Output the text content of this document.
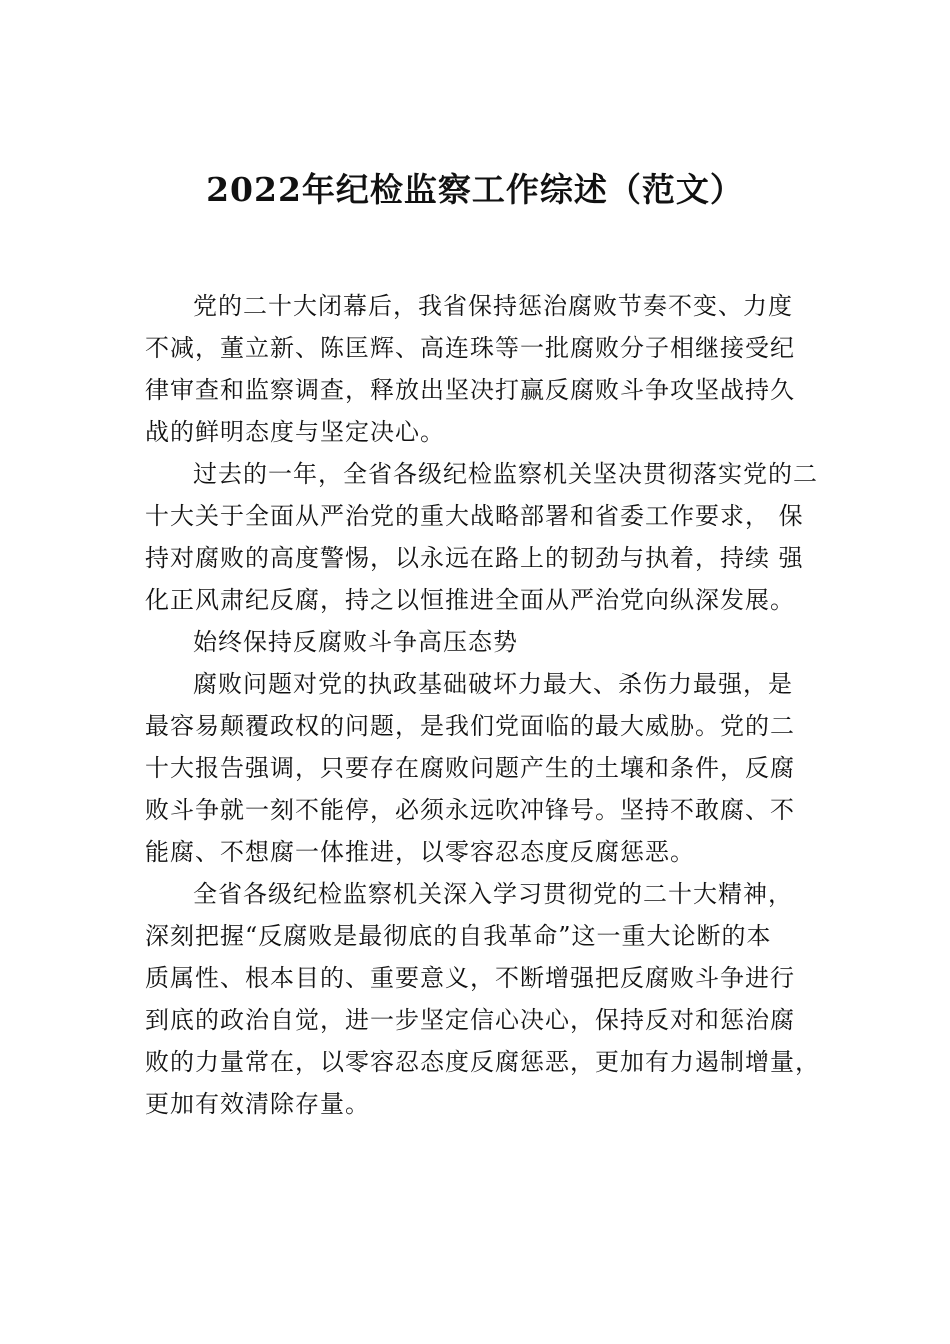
2022年纪检监察工作综述（范文）

党的二十大闭幕后，我省保持惩治腐败节奏不变、力度
不减，董立新、陈匡辉、高连珠等一批腐败分子相继接受纪
律审查和监察调查，释放出坚决打赢反腐败斗争攻坚战持久
战的鲜明态度与坚定决心。

过去的一年，全省各级纪检监察机关坚决贯彻落实党的二
十大关于全面从严治党的重大战略部署和省委工作要求， 保
持对腐败的高度警惕，以永远在路上的韧劲与执着，持续 强
化正风肃纪反腐，持之以恒推进全面从严治党向纵深发展。

始终保持反腐败斗争高压态势

腐败问题对党的执政基础破坏力最大、杀伤力最强，是
最容易颠覆政权的问题，是我们党面临的最大威胁。党的二
十大报告强调，只要存在腐败问题产生的土壤和条件，反腐
败斗争就一刻不能停，必须永远吹冲锋号。坚持不敢腐、不
能腐、不想腐一体推进，以零容忍态度反腐惩恶。

全省各级纪检监察机关深入学习贯彻党的二十大精神，
深刻把握“反腐败是最彻底的自我革命”这一重大论断的本
质属性、根本目的、重要意义，不断增强把反腐败斗争进行
到底的政治自觉，进一步坚定信心决心，保持反对和惩治腐
败的力量常在，以零容忍态度反腐惩恶，更加有力遏制增量，
更加有效清除存量。
